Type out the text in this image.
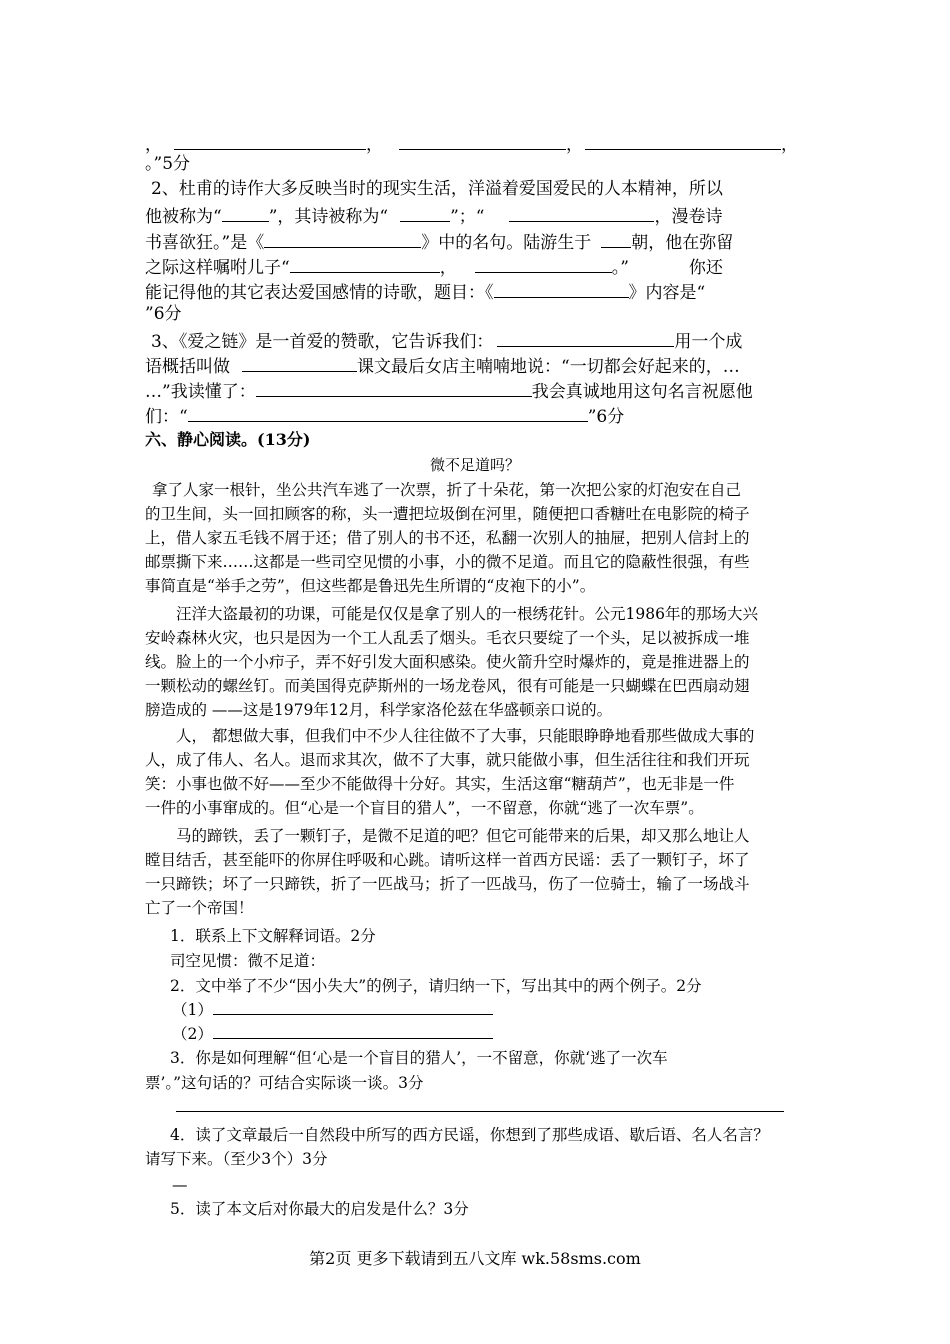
，	，	，	，
。”5分
2、杜甫的诗作大多反映当时的现实生活，洋溢着爱国爱民的人本精神，所以
他被称为“	”，其诗被称为“	”；“	，漫卷诗
书喜欲狂。”是《	》中的名句。陆游生于 朝，他在弥留
之际这样嘱咐儿子“	，	。”	你还
能记得他的其它表达爱国感情的诗歌，题目：《	》内容是“
”6分
3、《爱之链》是一首爱的赞歌，它告诉我们：	用一个成
语概括叫做	课文最后女店主喃喃地说：“一切都会好起来的，…
…”我读懂了：	我会真诚地用这句名言祝愿他
们：“	”6分
六、静心阅读。(13分)
微不足道吗？
拿了人家一根针，坐公共汽车逃了一次票，折了十朵花，第一次把公家的灯泡安在自己
的卫生间，头一回扣顾客的称，头一遭把垃圾倒在河里，随便把口香糖吐在电影院的椅子
上，借人家五毛钱不屑于还；借了别人的书不还，私翻一次别人的抽屉，把别人信封上的
邮票撕下来……这都是一些司空见惯的小事，小的微不足道。而且它的隐蔽性很强，有些
事简直是“举手之劳”，但这些都是鲁迅先生所谓的“皮袍下的小”。
汪洋大盗最初的功课，可能是仅仅是拿了别人的一根绣花针。公元1986年的那场大兴
安岭森林火灾，也只是因为一个工人乱丢了烟头。毛衣只要绽了一个头，足以被拆成一堆
线。脸上的一个小疖子，弄不好引发大面积感染。使火箭升空时爆炸的，竟是推进器上的
一颗松动的螺丝钉。而美国得克萨斯州的一场龙卷风，很有可能是一只蝴蝶在巴西扇动翅
膀造成的 ——这是1979年12月，科学家洛伦兹在华盛顿亲口说的。
人， 都想做大事，但我们中不少人往往做不了大事，只能眼睁睁地看那些做成大事的
人，成了伟人、名人。退而求其次，做不了大事，就只能做小事，但生活往往和我们开玩
笑：小事也做不好——至少不能做得十分好。其实，生活这窜“糖葫芦”，也无非是一件
一件的小事窜成的。但“心是一个盲目的猎人”，一不留意，你就“逃了一次车票”。
马的蹄铁，丢了一颗钉子，是微不足道的吧？但它可能带来的后果，却又那么地让人
瞠目结舌，甚至能吓的你屏住呼吸和心跳。请听这样一首西方民谣：丢了一颗钉子，坏了
一只蹄铁；坏了一只蹄铁，折了一匹战马；折了一匹战马，伤了一位骑士，输了一场战斗
亡了一个帝国！
1．联系上下文解释词语。2分
司空见惯：微不足道：
2．文中举了不少“因小失大”的例子，请归纳一下，写出其中的两个例子。2分
（1）
（2）
3．你是如何理解“但‘心是一个盲目的猎人’，一不留意，你就‘逃了一次车
票’。”这句话的？可结合实际谈一谈。3分
4．读了文章最后一自然段中所写的西方民谣，你想到了那些成语、歇后语、名人名言？
请写下来。（至少3个）3分
—
5．读了本文后对你最大的启发是什么？3分
第2页 更多下载请到五八文库 wk.58sms.com
